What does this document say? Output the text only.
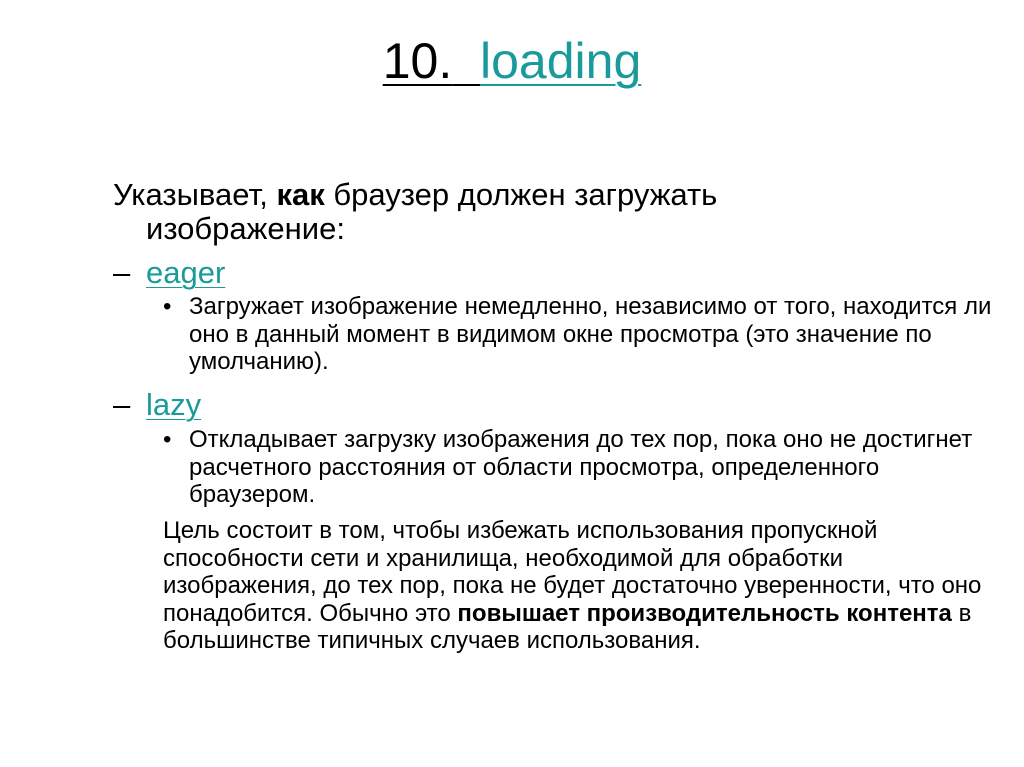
10. loading
Указывает, как браузер должен загружать изображение:
– eager
• Загружает изображение немедленно, независимо от того, находится ли оно в данный момент в видимом окне просмотра (это значение по умолчанию).
– lazy
• Откладывает загрузку изображения до тех пор, пока оно не достигнет расчетного расстояния от области просмотра, определенного браузером.
Цель состоит в том, чтобы избежать использования пропускной способности сети и хранилища, необходимой для обработки изображения, до тех пор, пока не будет достаточно уверенности, что оно понадобится. Обычно это повышает производительность контента в большинстве типичных случаев использования.
